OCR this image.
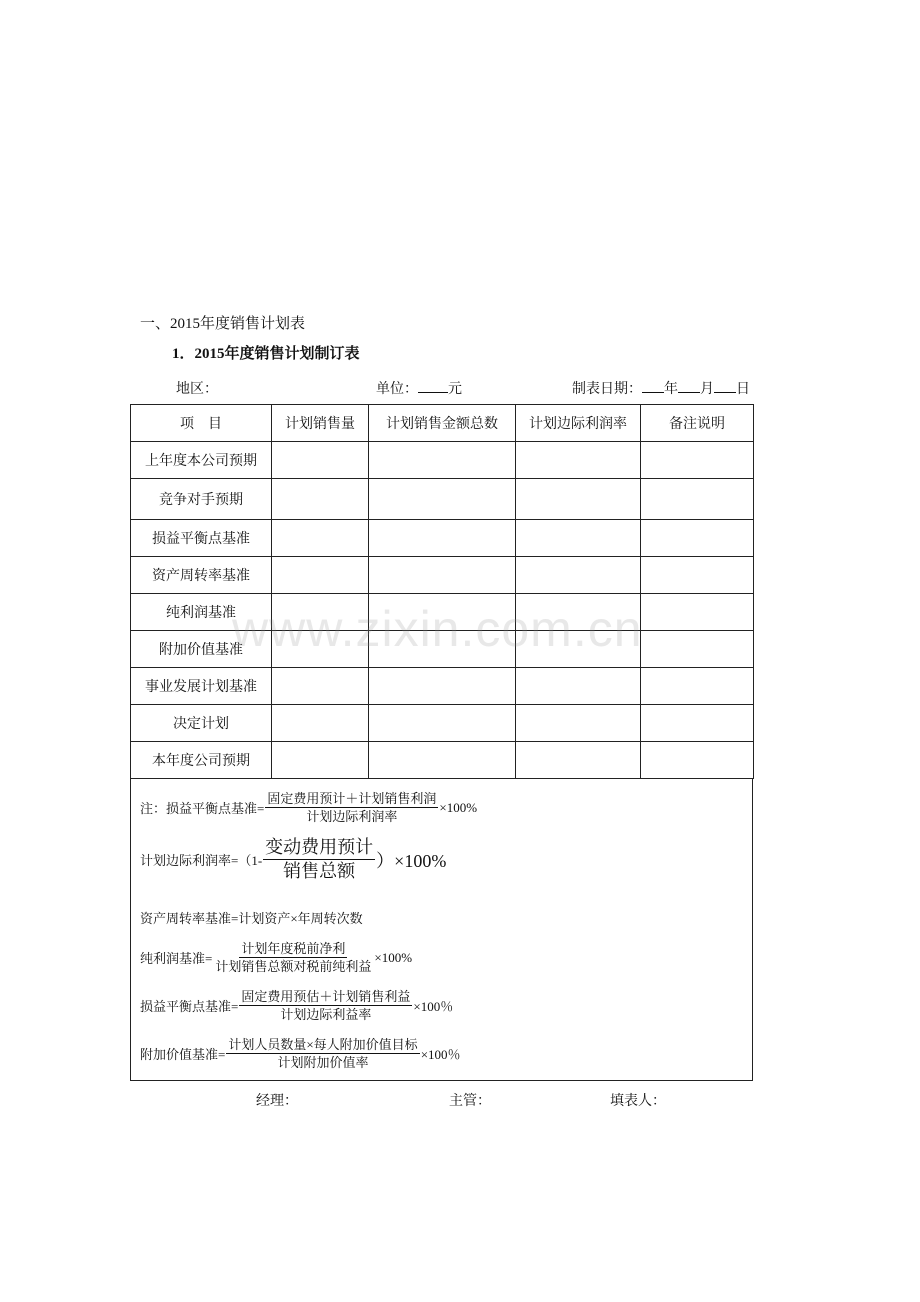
一、2015年度销售计划表
1．2015年度销售计划制订表
地区：	单位： 元	制表日期： 年 月 日
项　目	计划销售量	计划销售金额总数	计划边际利润率	备注说明
上年度本公司预期				
竞争对手预期				
损益平衡点基准				
资产周转率基准				
纯利润基准				
附加价值基准				
事业发展计划基准				
决定计划				
本年度公司预期				
注：损益平衡点基准= $\frac{\text{固定费用预计＋计划销售利润}}{\text{计划边际利润率}} \times 100\%$
计划边际利润率$=(1- \frac{\text{变动费用预计}}{\text{销售总额}} )\times 100\%$
资产周转率基准=计划资产×年周转次数
纯利润基准= $\frac{\text{计划年度税前净利}}{\text{计划销售总额对税前纯利益}} \times 100\%$
损益平衡点基准= $\frac{\text{固定费用预估＋计划销售利益}}{\text{计划边际利益率}} \times 100$％
附加价值基准= $\frac{\text{计划人员数量×每人附加价值目标}}{\text{计划附加价值率}} \times 100$％
经理：	主管：	填表人：
www.zixin.com.cn
